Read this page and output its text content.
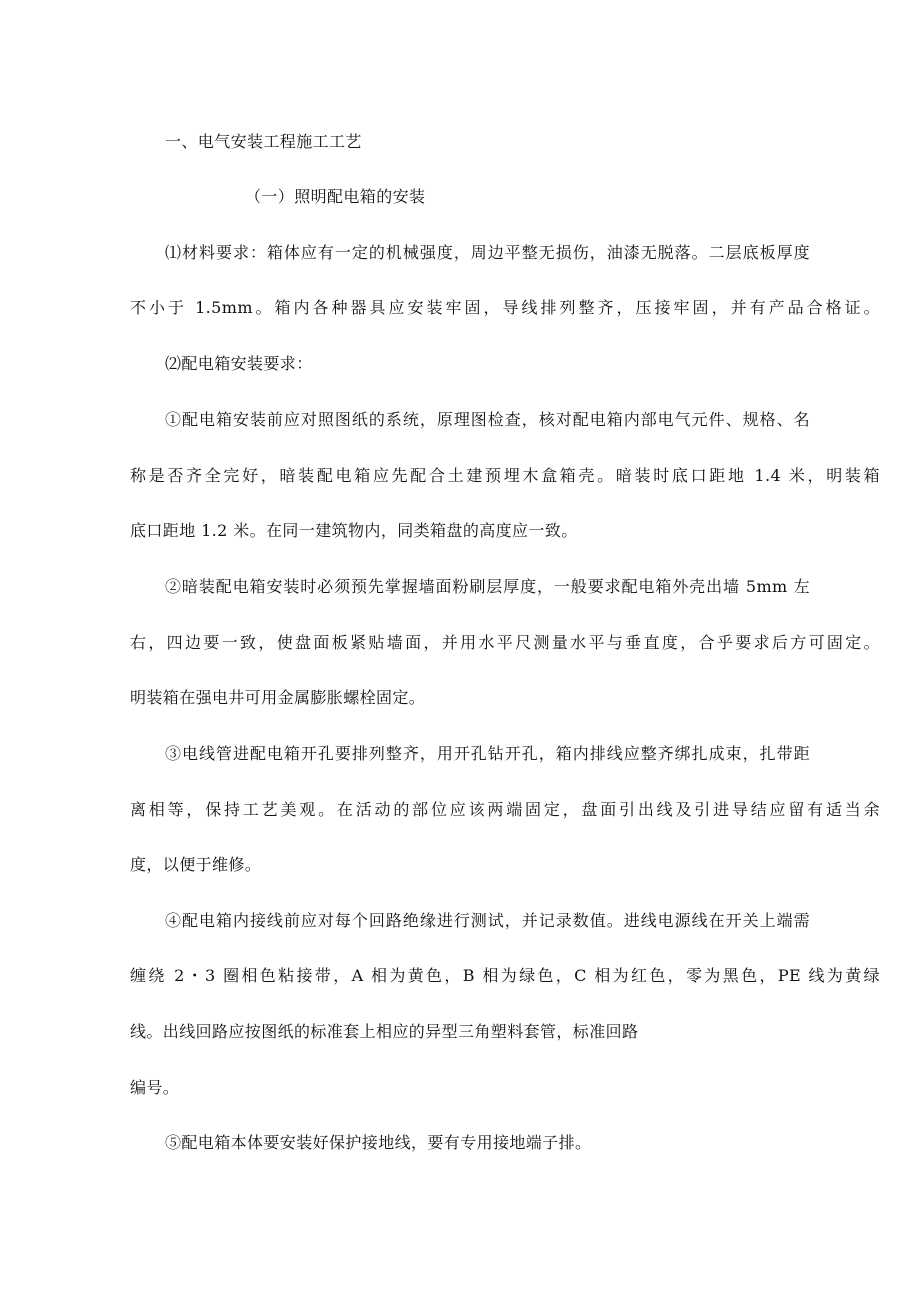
一、电气安装工程施工工艺
（一）照明配电箱的安装
⑴材料要求：箱体应有一定的机械强度，周边平整无损伤，油漆无脱落。二层底板厚度
不小于 1.5mm。箱内各种器具应安装牢固，导线排列整齐，压接牢固，并有产品合格证。
⑵配电箱安装要求：
①配电箱安装前应对照图纸的系统，原理图检查，核对配电箱内部电气元件、规格、名
称是否齐全完好，暗装配电箱应先配合土建预埋木盒箱壳。暗装时底口距地 1.4 米，明装箱
底口距地 1.2 米。在同一建筑物内，同类箱盘的高度应一致。
②暗装配电箱安装时必须预先掌握墙面粉刷层厚度，一般要求配电箱外壳出墙 5mm 左
右，四边要一致，使盘面板紧贴墙面，并用水平尺测量水平与垂直度，合乎要求后方可固定。
明装箱在强电井可用金属膨胀螺栓固定。
③电线管进配电箱开孔要排列整齐，用开孔钻开孔，箱内排线应整齐绑扎成束，扎带距
离相等，保持工艺美观。在活动的部位应该两端固定，盘面引出线及引进导结应留有适当余
度，以便于维修。
④配电箱内接线前应对每个回路绝缘进行测试，并记录数值。进线电源线在开关上端需
缠绕 2・3 圈相色粘接带，A 相为黄色，B 相为绿色，C 相为红色，零为黑色，PE 线为黄绿
线。出线回路应按图纸的标准套上相应的异型三角塑料套管，标准回路
编号。
⑤配电箱本体要安装好保护接地线，要有专用接地端子排。
